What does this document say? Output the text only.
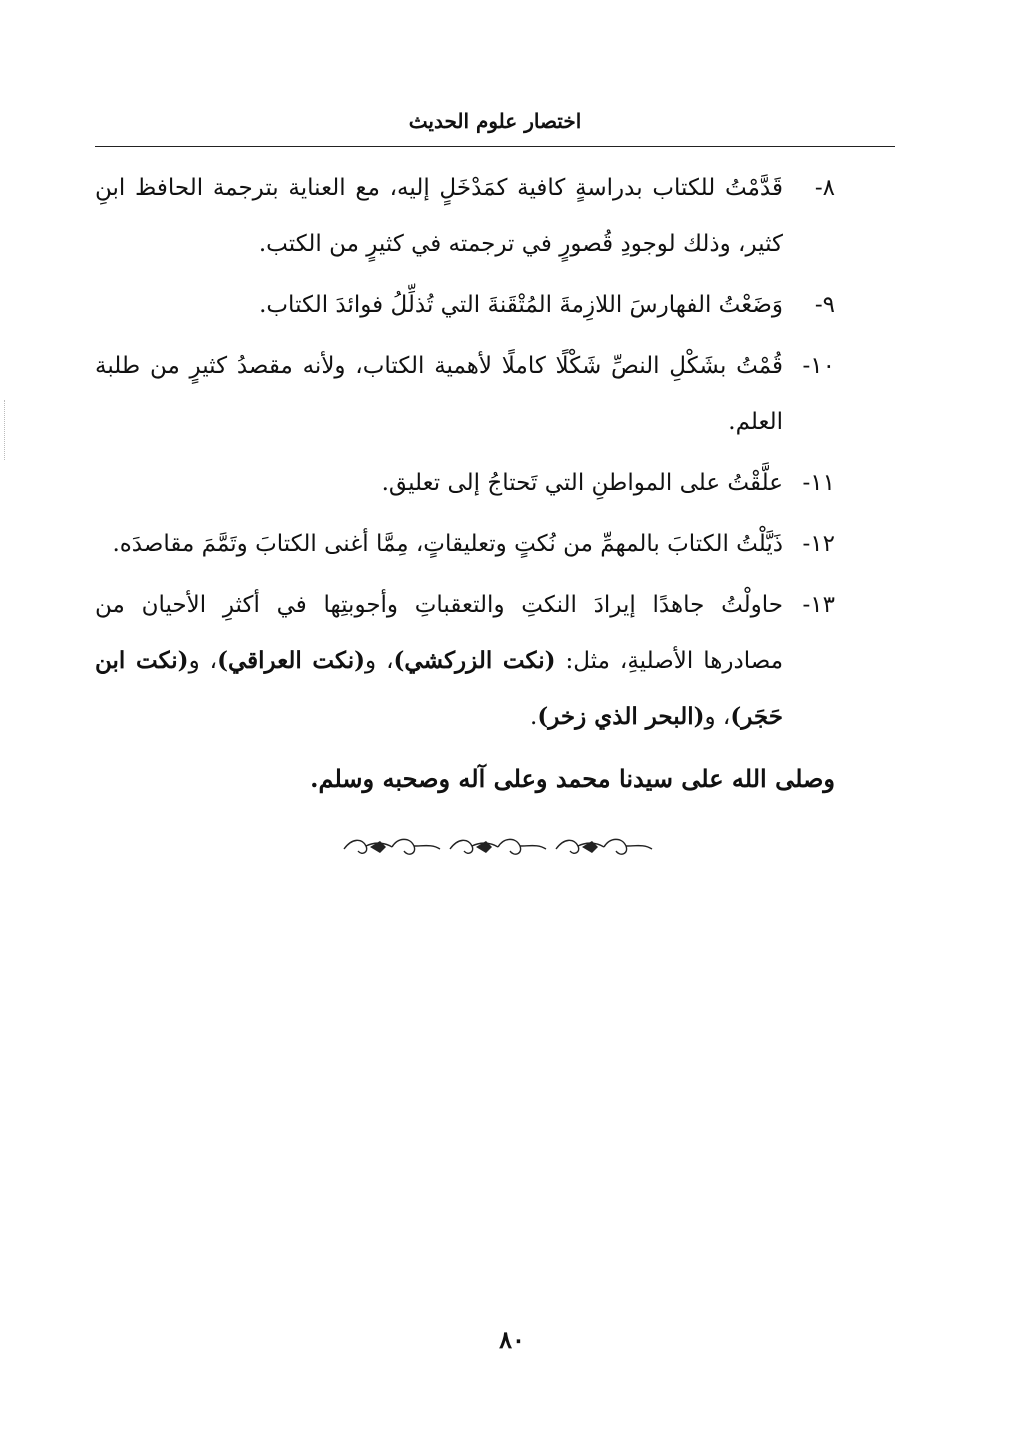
اختصار علوم الحديث
٨-
قَدَّمْتُ للكتاب بدراسةٍ كافية كمَدْخَلٍ إليه، مع العناية بترجمة الحافظ ابنِ كثير، وذلك لوجودِ قُصورٍ في ترجمته في كثيرٍ من الكتب.
٩-
وَضَعْتُ الفهارسَ اللازِمةَ المُتْقَنةَ التي تُذلِّلُ فوائدَ الكتاب.
١٠-
قُمْتُ بشَكْلِ النصِّ شَكْلًا كاملًا لأهمية الكتاب، ولأنه مقصدُ كثيرٍ من طلبة العلم.
١١-
علَّقْتُ على المواطنِ التي تَحتاجُ إلى تعليق.
١٢-
ذَيَّلْتُ الكتابَ بالمهمِّ من نُكتٍ وتعليقاتٍ، مِمَّا أغنى الكتابَ وتَمَّمَ مقاصدَه.
١٣-
حاولْتُ جاهدًا إيرادَ النكتِ والتعقباتِ وأجوبتِها في أكثرِ الأحيان من مصادرها الأصليةِ، مثل: (نكت الزركشي)، و(نكت العراقي)، و(نكت ابن حَجَر)، و(البحر الذي زخر).
وصلى الله على سيدنا محمد وعلى آله وصحبه وسلم.
٨٠
